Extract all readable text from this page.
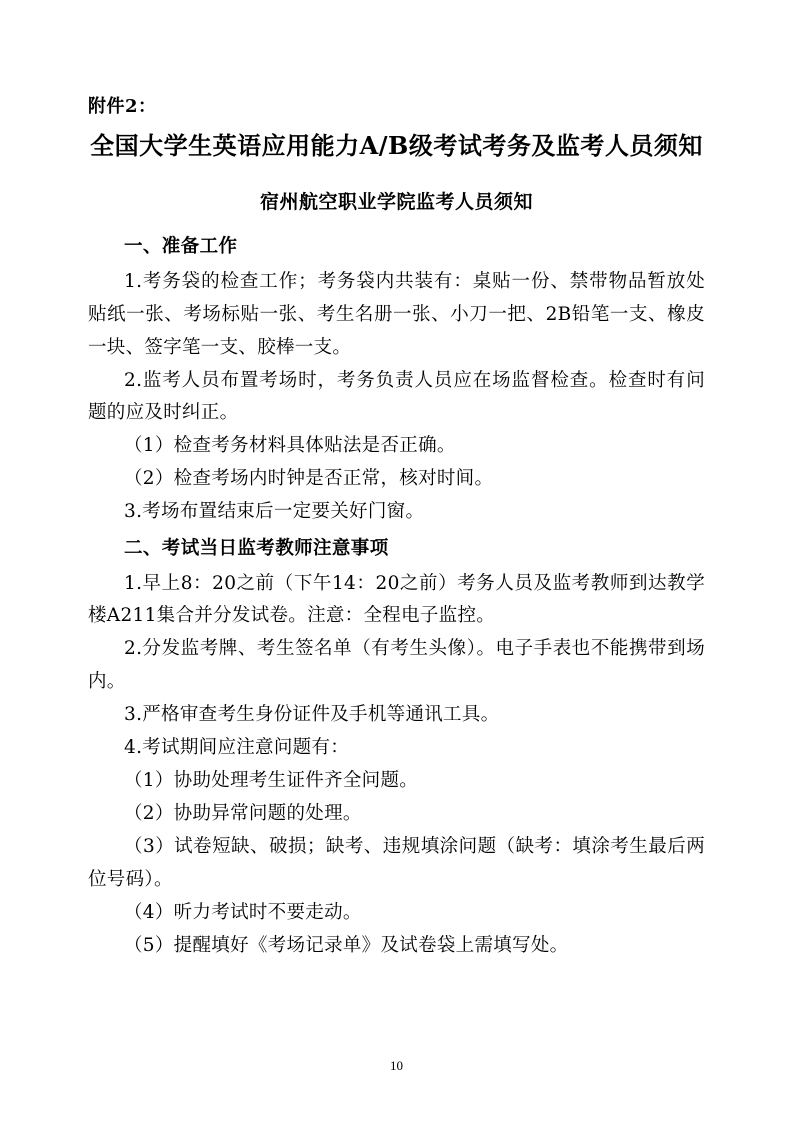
附件2：
全国大学生英语应用能力A/B级考试考务及监考人员须知
宿州航空职业学院监考人员须知
一、准备工作

1.考务袋的检查工作；考务袋内共装有：桌贴一份、禁带物品暂放处贴纸一张、考场标贴一张、考生名册一张、小刀一把、2B铅笔一支、橡皮一块、签字笔一支、胶棒一支。

2.监考人员布置考场时，考务负责人员应在场监督检查。检查时有问题的应及时纠正。

（1）检查考务材料具体贴法是否正确。

（2）检查考场内时钟是否正常，核对时间。

3.考场布置结束后一定要关好门窗。

二、考试当日监考教师注意事项

1.早上8：20之前（下午14：20之前）考务人员及监考教师到达教学楼A211集合并分发试卷。注意：全程电子监控。

2.分发监考牌、考生签名单（有考生头像）。电子手表也不能携带到场内。

3.严格审查考生身份证件及手机等通讯工具。

4.考试期间应注意问题有：

（1）协助处理考生证件齐全问题。

（2）协助异常问题的处理。

（3）试卷短缺、破损；缺考、违规填涂问题（缺考：填涂考生最后两位号码）。

（4）听力考试时不要走动。

（5）提醒填好《考场记录单》及试卷袋上需填写处。

10
